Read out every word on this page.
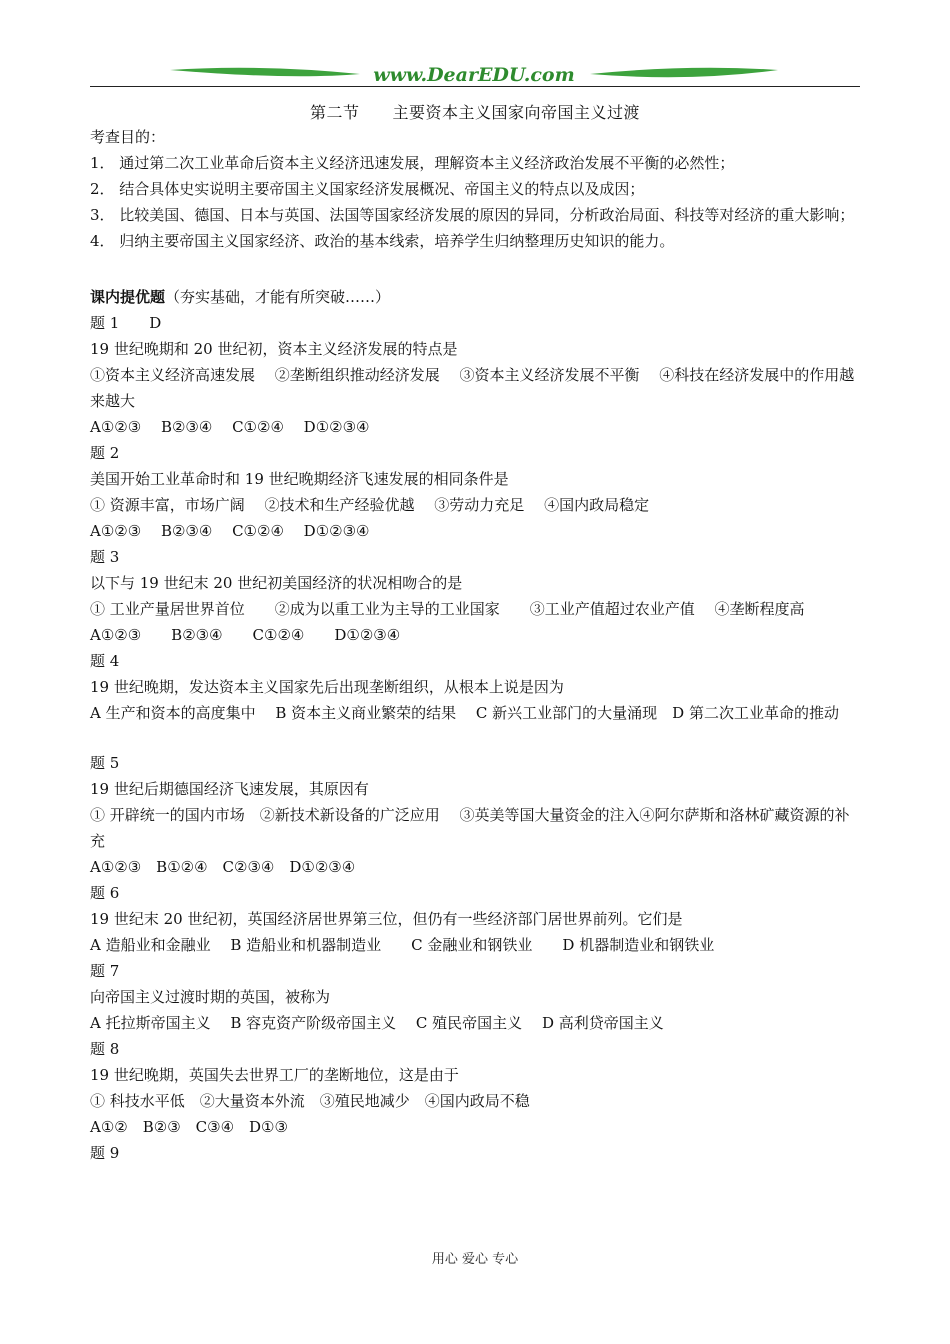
www.DearEDU.com
第二节　　主要资本主义国家向帝国主义过渡

考查目的：

1． 通过第二次工业革命后资本主义经济迅速发展，理解资本主义经济政治发展不平衡的必然性；

2． 结合具体史实说明主要帝国主义国家经济发展概况、帝国主义的特点以及成因；

3． 比较美国、德国、日本与英国、法国等国家经济发展的原因的异同，分析政治局面、科技等对经济的重大影响；

4． 归纳主要帝国主义国家经济、政治的基本线索，培养学生归纳整理历史知识的能力。

课内提优题（夯实基础，才能有所突破……）

题 1　　D

19 世纪晚期和 20 世纪初，资本主义经济发展的特点是

①资本主义经济高速发展　 ②垄断组织推动经济发展　 ③资本主义经济发展不平衡　 ④科技在经济发展中的作用越来越大

A①②③　 B②③④　 C①②④　 D①②③④

题 2

美国开始工业革命时和 19 世纪晚期经济飞速发展的相同条件是

① 资源丰富，市场广阔　 ②技术和生产经验优越　 ③劳动力充足　 ④国内政局稳定

A①②③　 B②③④　 C①②④　 D①②③④

题 3

以下与 19 世纪末 20 世纪初美国经济的状况相吻合的是

① 工业产量居世界首位　　②成为以重工业为主导的工业国家　　③工业产值超过农业产值　 ④垄断程度高

A①②③　　B②③④　　C①②④　　D①②③④

题 4

19 世纪晚期，发达资本主义国家先后出现垄断组织，从根本上说是因为

A 生产和资本的高度集中　 B 资本主义商业繁荣的结果　 C 新兴工业部门的大量涌现　D 第二次工业革命的推动

题 5

19 世纪后期德国经济飞速发展，其原因有

① 开辟统一的国内市场　②新技术新设备的广泛应用　 ③英美等国大量资金的注入④阿尔萨斯和洛林矿藏资源的补充

A①②③　B①②④　C②③④　D①②③④

题 6

19 世纪末 20 世纪初，英国经济居世界第三位，但仍有一些经济部门居世界前列。它们是

A 造船业和金融业　 B 造船业和机器制造业　　C 金融业和钢铁业　　D 机器制造业和钢铁业

题 7

向帝国主义过渡时期的英国，被称为

A 托拉斯帝国主义　 B 容克资产阶级帝国主义　 C 殖民帝国主义　 D 高利贷帝国主义

题 8

19 世纪晚期，英国失去世界工厂的垄断地位，这是由于

① 科技水平低　②大量资本外流　③殖民地减少　④国内政局不稳

A①②　B②③　C③④　D①③

题 9

用心 爱心 专心
